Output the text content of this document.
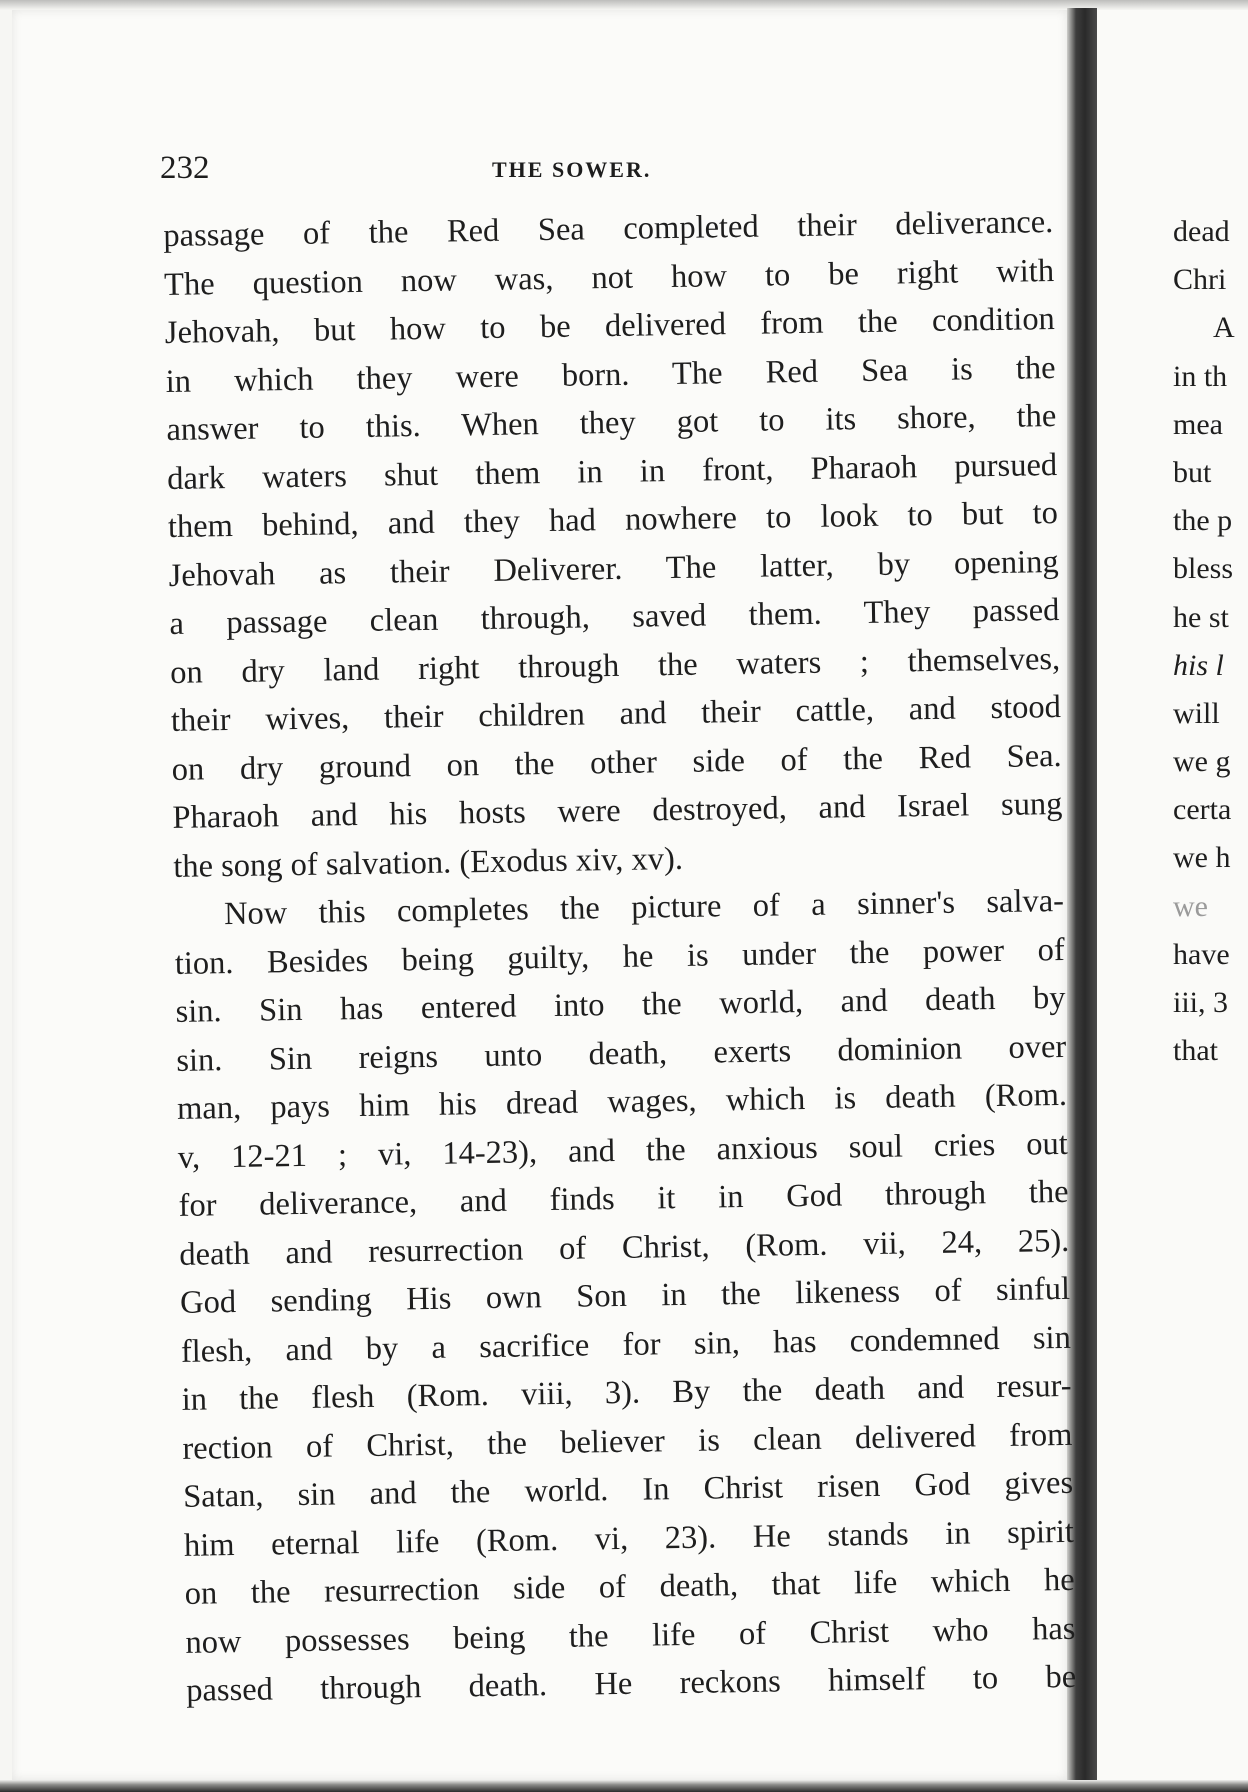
232	THE SOWER.
passage of the Red Sea completed their deliverance.
The question now was, not how to be right with
Jehovah, but how to be delivered from the condition
in which they were born. The Red Sea is the
answer to this. When they got to its shore, the
dark waters shut them in in front, Pharaoh pursued
them behind, and they had nowhere to look to but to
Jehovah as their Deliverer. The latter, by opening
a passage clean through, saved them. They passed
on dry land right through the waters ; themselves,
their wives, their children and their cattle, and stood
on dry ground on the other side of the Red Sea.
Pharaoh and his hosts were destroyed, and Israel sung
the song of salvation. (Exodus xiv, xv).
Now this completes the picture of a sinner's salva-
tion. Besides being guilty, he is under the power of
sin. Sin has entered into the world, and death by
sin. Sin reigns unto death, exerts dominion over
man, pays him his dread wages, which is death (Rom.
v, 12-21 ; vi, 14-23), and the anxious soul cries out
for deliverance, and finds it in God through the
death and resurrection of Christ, (Rom. vii, 24, 25).
God sending His own Son in the likeness of sinful
flesh, and by a sacrifice for sin, has condemned sin
in the flesh (Rom. viii, 3). By the death and resur-
rection of Christ, the believer is clean delivered from
Satan, sin and the world. In Christ risen God gives
him eternal life (Rom. vi, 23). He stands in spirit
on the resurrection side of death, that life which he
now possesses being the life of Christ who has
passed through death. He reckons himself to be
dead
Chri
A
in th
mea
but
the p
bless
he st
his l
will
we g
certa
we h
we
have
iii, 3
that
